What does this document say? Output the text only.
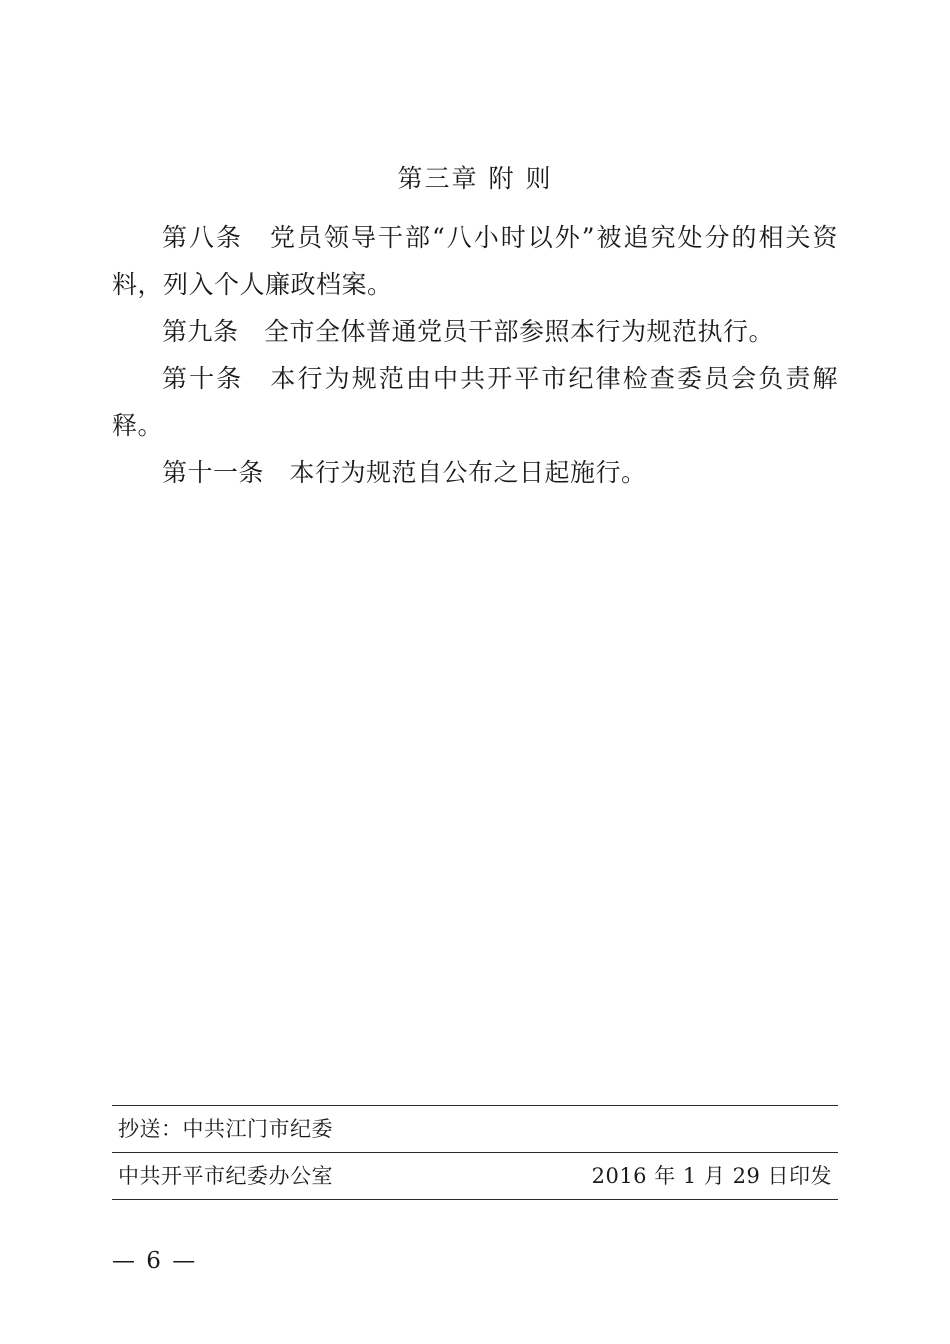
第三章 附 则

第八条　党员领导干部“八小时以外”被追究处分的相关资料，列入个人廉政档案。

第九条　全市全体普通党员干部参照本行为规范执行。

第十条　本行为规范由中共开平市纪律检查委员会负责解释。

第十一条　本行为规范自公布之日起施行。

抄送：中共江门市纪委
中共开平市纪委办公室	2016 年 1 月 29 日印发
— 6 —
